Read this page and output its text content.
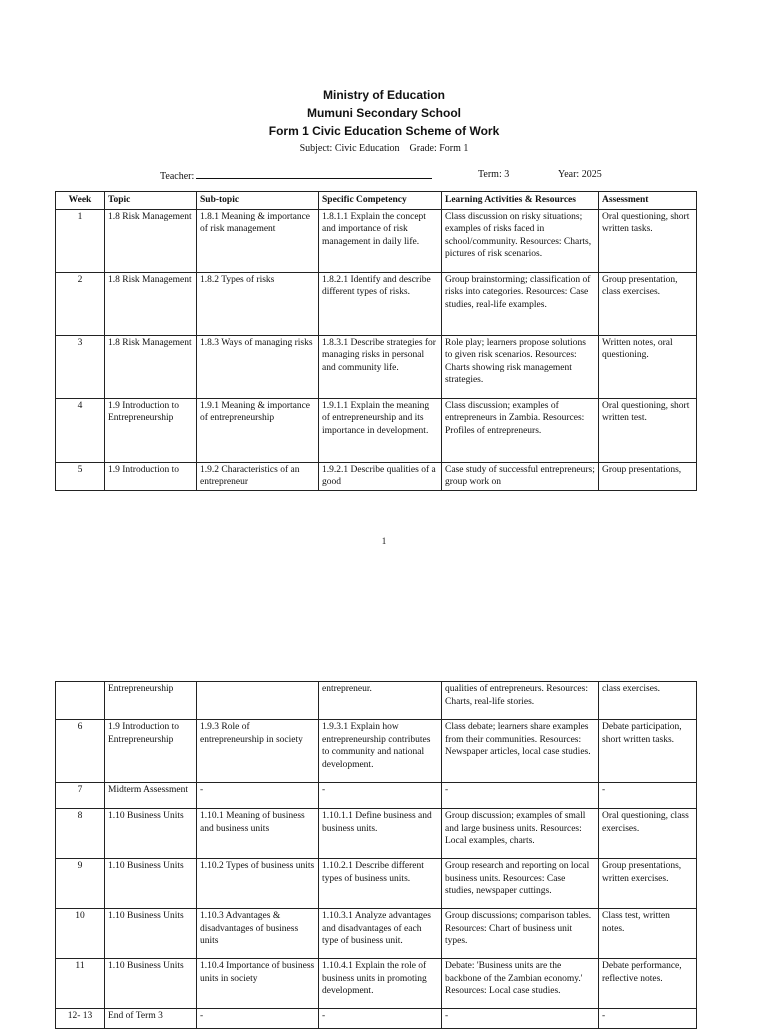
Ministry of Education
Mumuni Secondary School
Form 1 Civic Education Scheme of Work
Subject: Civic Education    Grade: Form 1
Teacher:	Term: 3	Year: 2025
Week	Topic	Sub-topic	Specific Competency	Learning Activities & Resources	Assessment
1	1.8 Risk Management	1.8.1 Meaning & importance of risk management	1.8.1.1 Explain the concept and importance of risk management in daily life.	Class discussion on risky situations; examples of risks faced in school/community. Resources: Charts, pictures of risk scenarios.	Oral questioning, short written tasks.
2	1.8 Risk Management	1.8.2 Types of risks	1.8.2.1 Identify and describe different types of risks.	Group brainstorming; classification of risks into categories. Resources: Case studies, real-life examples.	Group presentation, class exercises.
3	1.8 Risk Management	1.8.3 Ways of managing risks	1.8.3.1 Describe strategies for managing risks in personal and community life.	Role play; learners propose solutions to given risk scenarios. Resources: Charts showing risk management strategies.	Written notes, oral questioning.
4	1.9 Introduction to Entrepreneurship	1.9.1 Meaning & importance of entrepreneurship	1.9.1.1 Explain the meaning of entrepreneurship and its importance in development.	Class discussion; examples of entrepreneurs in Zambia. Resources: Profiles of entrepreneurs.	Oral questioning, short written test.
5	1.9 Introduction to	1.9.2 Characteristics of an entrepreneur	1.9.2.1 Describe qualities of a good	Case study of successful entrepreneurs; group work on	Group presentations,
1
	Entrepreneurship		entrepreneur.	qualities of entrepreneurs. Resources: Charts, real-life stories.	class exercises.
6	1.9 Introduction to Entrepreneurship	1.9.3 Role of entrepreneurship in society	1.9.3.1 Explain how entrepreneurship contributes to community and national development.	Class debate; learners share examples from their communities. Resources: Newspaper articles, local case studies.	Debate participation, short written tasks.
7	Midterm Assessment	-	-	-	-
8	1.10 Business Units	1.10.1 Meaning of business and business units	1.10.1.1 Define business and business units.	Group discussion; examples of small and large business units. Resources: Local examples, charts.	Oral questioning, class exercises.
9	1.10 Business Units	1.10.2 Types of business units	1.10.2.1 Describe different types of business units.	Group research and reporting on local business units. Resources: Case studies, newspaper cuttings.	Group presentations, written exercises.
10	1.10 Business Units	1.10.3 Advantages & disadvantages of business units	1.10.3.1 Analyze advantages and disadvantages of each type of business unit.	Group discussions; comparison tables. Resources: Chart of business unit types.	Class test, written notes.
11	1.10 Business Units	1.10.4 Importance of business units in society	1.10.4.1 Explain the role of business units in promoting development.	Debate: 'Business units are the backbone of the Zambian economy.' Resources: Local case studies.	Debate performance, reflective notes.
12- 13	End of Term 3	-	-	-	-
